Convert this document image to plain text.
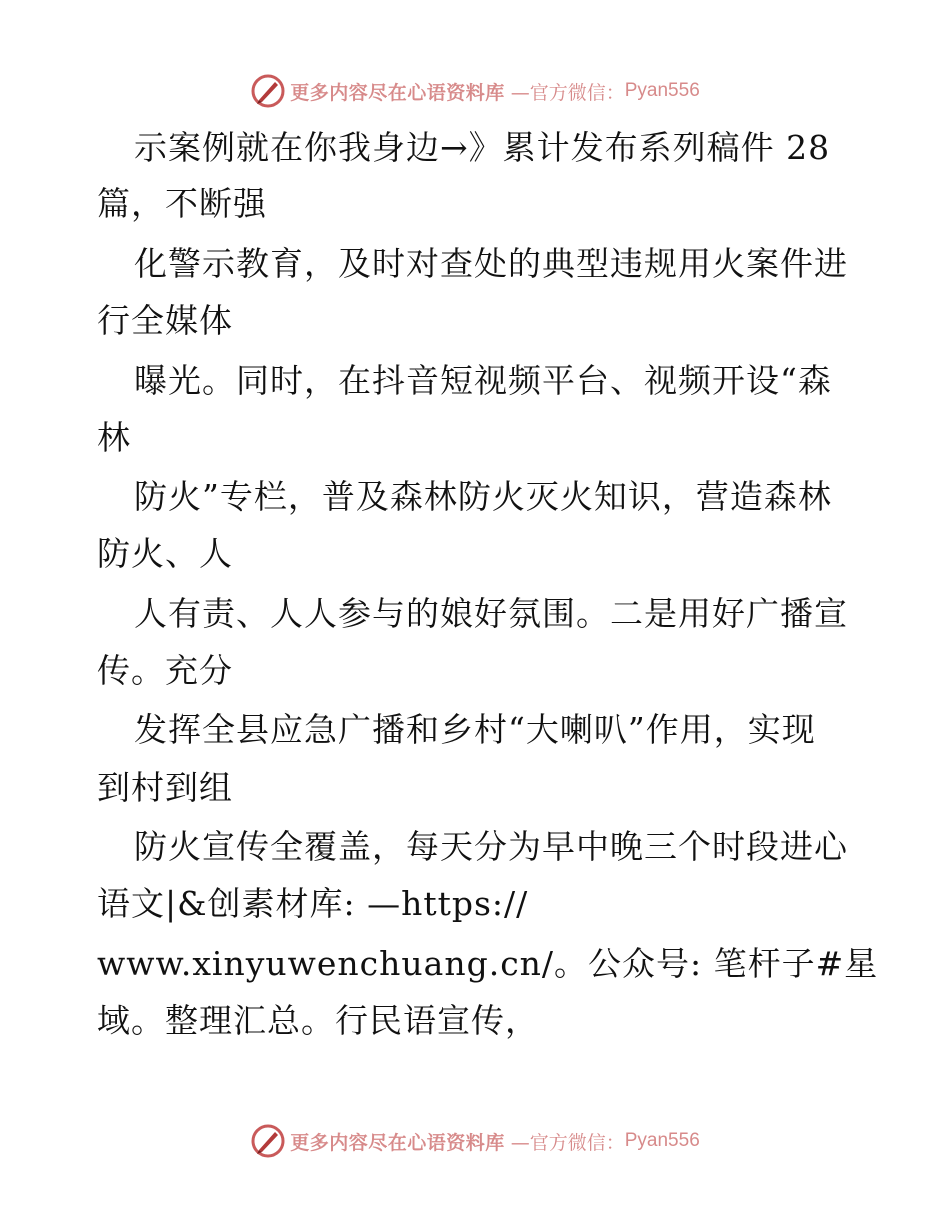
更多内容尽在心语资料库 —官方微信： Pyan556
示案例就在你我身边→》累计发布系列稿件 28
篇，不断强
化警示教育，及时对查处的典型违规用火案件进
行全媒体
曝光。同时，在抖音短视频平台、视频开设“森
林
防火”专栏，普及森林防火灭火知识，营造森林
防火、人
人有责、人人参与的娘好氛围。二是用好广播宣
传。充分
发挥全县应急广播和乡村“大喇叭”作用，实现
到村到组
防火宣传全覆盖，每天分为早中晚三个时段进心
语文|&创素材库: —https://
www.xinyuwenchuang.cn/。公众号: 笔杆子#星
域。整理汇总。行民语宣传，
更多内容尽在心语资料库 —官方微信： Pyan556
